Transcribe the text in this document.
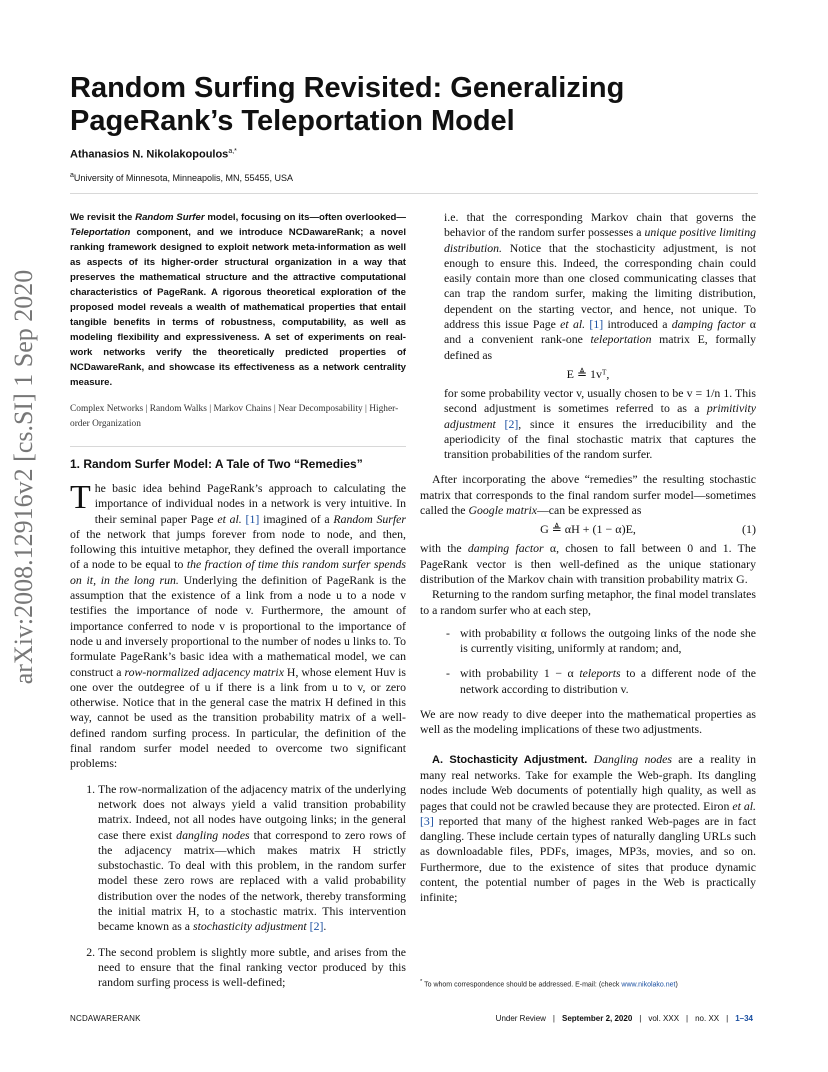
arXiv:2008.12916v2 [cs.SI] 1 Sep 2020
Random Surfing Revisited: Generalizing PageRank’s Teleportation Model
Athanasios N. Nikolakopoulos$^{a,*}$
$^a$University of Minnesota, Minneapolis, MN, 55455, USA

We revisit the Random Surfer model, focusing on its—often overlooked—Teleportation component, and we introduce NCDawareRank; a novel ranking framework designed to exploit network meta-information as well as aspects of its higher-order structural organization in a way that preserves the mathematical structure and the attractive computational characteristics of PageRank. A rigorous theoretical exploration of the proposed model reveals a wealth of mathematical properties that entail tangible benefits in terms of robustness, computability, as well as modeling flexibility and expressiveness. A set of experiments on real-work networks verify the theoretically predicted properties of NCDawareRank, and showcase its effectiveness as a network centrality measure.

Complex Networks | Random Walks | Markov Chains | Near Decomposability | Higher-order Organization

1. Random Surfer Model: A Tale of Two “Remedies”

The basic idea behind PageRank’s approach to calculating the importance of individual nodes in a network is very intuitive. In their seminal paper Page et al. [1] imagined of a Random Surfer of the network that jumps forever from node to node, and then, following this intuitive metaphor, they defined the overall importance of a node to be equal to the fraction of time this random surfer spends on it, in the long run. Underlying the definition of PageRank is the assumption that the existence of a link from a node u to a node v testifies the importance of node v. Furthermore, the amount of importance conferred to node v is proportional to the importance of node u and inversely proportional to the number of nodes u links to. To formulate PageRank’s basic idea with a mathematical model, we can construct a row-normalized adjacency matrix H, whose element Huv is one over the outdegree of u if there is a link from u to v, or zero otherwise. Notice that in the general case the matrix H defined in this way, cannot be used as the transition probability matrix of a well-defined random surfing process. In particular, the definition of the final random surfer model needed to overcome two significant problems:

1. The row-normalization of the adjacency matrix of the underlying network does not always yield a valid transition probability matrix. Indeed, not all nodes have outgoing links; in the general case there exist dangling nodes that correspond to zero rows of the adjacency matrix—which makes matrix H strictly substochastic. To deal with this problem, in the random surfer model these zero rows are replaced with a valid probability distribution over the nodes of the network, thereby transforming the initial matrix H, to a stochastic matrix. This intervention became known as a stochasticity adjustment [2].
2. The second problem is slightly more subtle, and arises from the need to ensure that the final ranking vector produced by this random surfing process is well-defined;

i.e. that the corresponding Markov chain that governs the behavior of the random surfer possesses a unique positive limiting distribution. Notice that the stochasticity adjustment, is not enough to ensure this. Indeed, the corresponding chain could easily contain more than one closed communicating classes that can trap the random surfer, making the limiting distribution, dependent on the starting vector, and hence, not unique. To address this issue Page et al. [1] introduced a damping factor α and a convenient rank-one teleportation matrix E, formally defined as

E ≜ 1vᵀ,

for some probability vector v, usually chosen to be v = 1/n 1. This second adjustment is sometimes referred to as a primitivity adjustment [2], since it ensures the irreducibility and the aperiodicity of the final stochastic matrix that captures the transition probabilities of the random surfer.

After incorporating the above “remedies” the resulting stochastic matrix that corresponds to the final random surfer model—sometimes called the Google matrix—can be expressed as

G ≜ αH + (1 − α)E,	(1)

with the damping factor α, chosen to fall between 0 and 1. The PageRank vector is then well-defined as the unique stationary distribution of the Markov chain with transition probability matrix G.

Returning to the random surfing metaphor, the final model translates to a random surfer who at each step,

- with probability α follows the outgoing links of the node she is currently visiting, uniformly at random; and,
- with probability 1 − α teleports to a different node of the network according to distribution v.

We are now ready to dive deeper into the mathematical properties as well as the modeling implications of these two adjustments.

A. Stochasticity Adjustment. Dangling nodes are a reality in many real networks. Take for example the Web-graph. Its dangling nodes include Web documents of potentially high quality, as well as pages that could not be crawled because they are protected. Eiron et al. [3] reported that many of the highest ranked Web-pages are in fact dangling. These include certain types of naturally dangling URLs such as downloadable files, PDFs, images, MP3s, movies, and so on. Furthermore, due to the existence of sites that produce dynamic content, the potential number of pages in the Web is practically infinite;

* To whom correspondence should be addressed. E-mail: (check www.nikolako.net)
NCDAWARERANK	Under Review | September 2, 2020 | vol. XXX | no. XX | 1–34
